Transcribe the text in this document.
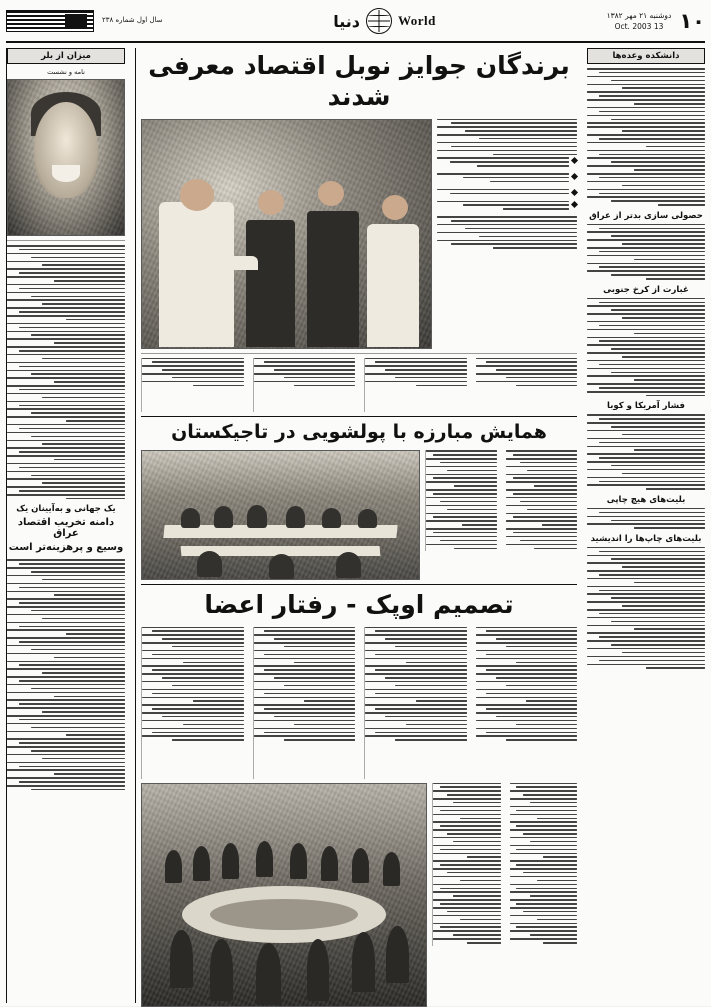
۱۰
دوشنبه ۲۱ مهر ۱۳۸۲
13 Oct. 2003
World
دنیا
سال اول شماره ۲۳۸
دانشکده وعده‌ها
حصولی سازی بدتر از عراق
غبارت از کرخ جنوبی
فشار آمریکا و کوبا
بلیت‌های هیچ چاپی
بلیت‌های چاپ‌ها را اندیشید
برندگان جوایز نوبل اقتصاد معرفی شدند
همایش مبارزه با پولشویی در تاجیکستان
تصمیم اوپک - رفتار اعضا
میزان از بلر
نامه و نشست
یک جهانی و به‌آیینان یک
دامنه تخریب اقتصاد عراق
وسیع و پرهزینه‌تر است
